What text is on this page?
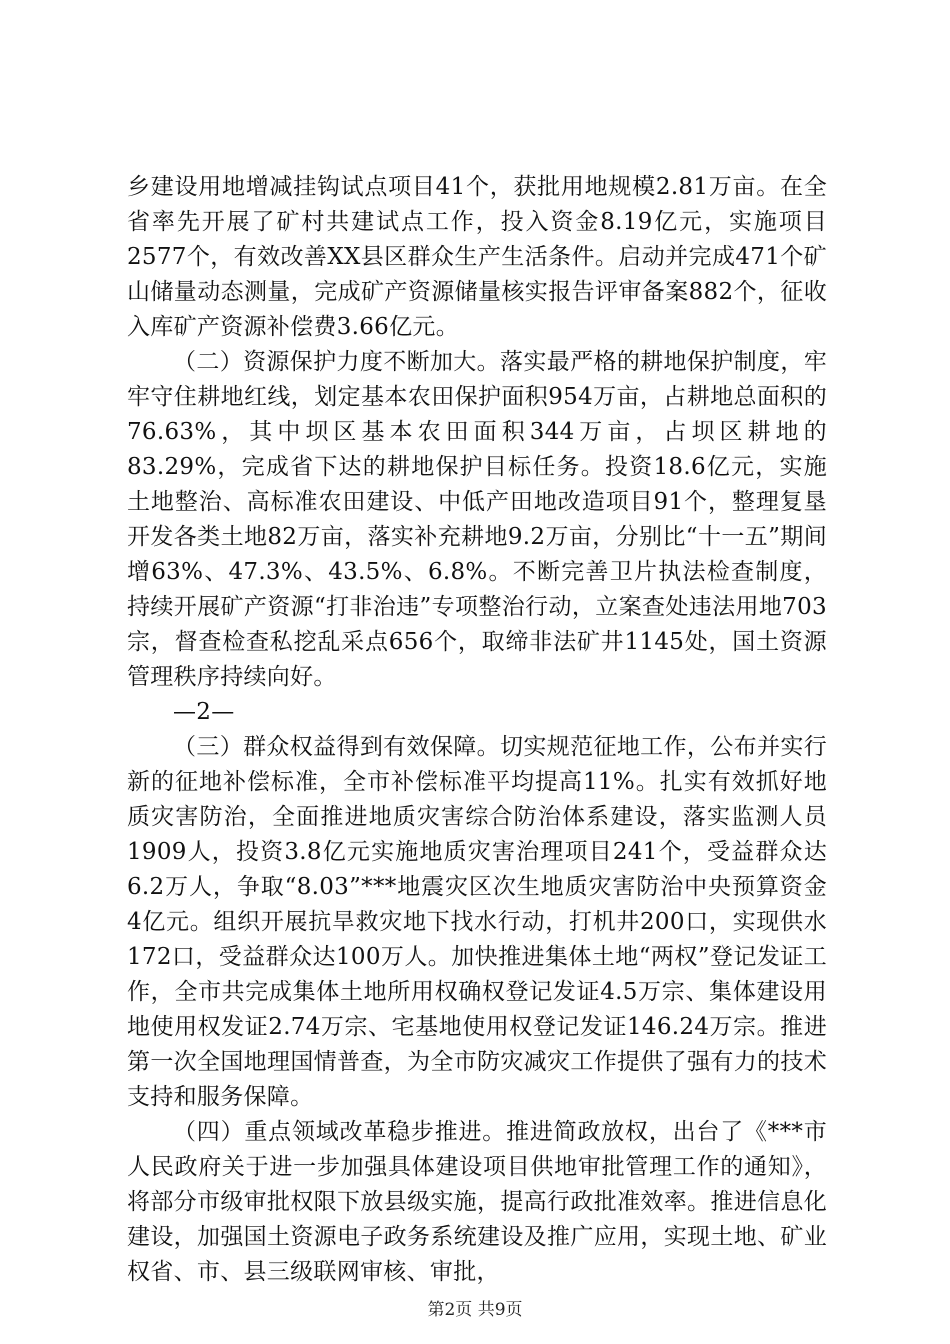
乡建设用地增减挂钩试点项目41个，获批用地规模2.81万亩。在全省率先开展了矿村共建试点工作，投入资金8.19亿元，实施项目2577个，有效改善XX县区群众生产生活条件。启动并完成471个矿山储量动态测量，完成矿产资源储量核实报告评审备案882个，征收入库矿产资源补偿费3.66亿元。

（二）资源保护力度不断加大。落实最严格的耕地保护制度，牢牢守住耕地红线，划定基本农田保护面积954万亩，占耕地总面积的76.63%，其中坝区基本农田面积344万亩，占坝区耕地的83.29%，完成省下达的耕地保护目标任务。投资18.6亿元，实施土地整治、高标准农田建设、中低产田地改造项目91个，整理复垦开发各类土地82万亩，落实补充耕地9.2万亩，分别比“十一五”期间增63%、47.3%、43.5%、6.8%。不断完善卫片执法检查制度，持续开展矿产资源“打非治违”专项整治行动，立案查处违法用地703宗，督查检查私挖乱采点656个，取缔非法矿井1145处，国土资源管理秩序持续向好。

—2—

（三）群众权益得到有效保障。切实规范征地工作，公布并实行新的征地补偿标准，全市补偿标准平均提高11%。扎实有效抓好地质灾害防治，全面推进地质灾害综合防治体系建设，落实监测人员1909人，投资3.8亿元实施地质灾害治理项目241个，受益群众达6.2万人，争取“8.03”***地震灾区次生地质灾害防治中央预算资金4亿元。组织开展抗旱救灾地下找水行动，打机井200口，实现供水172口，受益群众达100万人。加快推进集体土地“两权”登记发证工作，全市共完成集体土地所用权确权登记发证4.5万宗、集体建设用地使用权发证2.74万宗、宅基地使用权登记发证146.24万宗。推进第一次全国地理国情普查，为全市防灾减灾工作提供了强有力的技术支持和服务保障。

（四）重点领域改革稳步推进。推进简政放权，出台了《***市人民政府关于进一步加强具体建设项目供地审批管理工作的通知》，将部分市级审批权限下放县级实施，提高行政批准效率。推进信息化建设，加强国土资源电子政务系统建设及推广应用，实现土地、矿业权省、市、县三级联网审核、审批，

第2页 共9页
